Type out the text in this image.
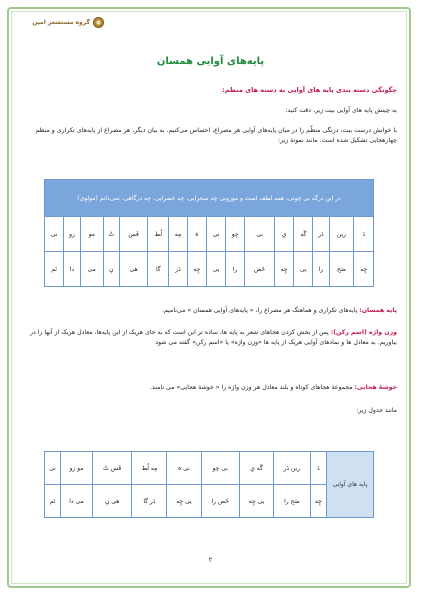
گروه مستشعر امین
پایه‌های آوایی همسان
چگونگی دسته بندی پایه های آوایی به دسته های منظم:
به چینش پایه های آوایی بیت زیر، دقت کنید:
با خوانش درست بیت، درنگی منظّم را در میان پایه‌های آوایی هر مصراع، احساس می‌کنیم. به بیان دیگر، هر مصراع از پایه‌های تکراری و منظم چهارهجایی تشکیل شده است. مانند نمونۀ زیر:
در این درگه بی چونی، همه لطف است و موزونی چه صحرایی، چه خضرایی، چه درگاهی، نمی‌دانم (مولوی)															
دَ	رین	دَر	گَه	یِ	بی	چو	نی	هَ	مِه	لُط	فَس	تُ	مو	زو	نی
چِه	صَح	را	یی	چِه	خَض	را	یی	چِه	دَر	گا	هی	نِ	می	دا	نَم
پایه همسان: پایه‌های تکراری و هماهنگ هر مصراع را، « پایه‌های آوایی همسان » می‌نامیم.
وزن واژه (اسم رکن): پس از بخش کردن هجاهای شعر به پایه ها، ساده تر این است که به جای هریک از این پایه‌ها، معادل هریک از آنها را در بیاوریم. به معادل ها و نمادهای آوایی هریک از پایه ها «وزن واژه» یا «اسم رکن» گفته می شود
خوشۀ هجایی: مجموعۀ هجاهای کوتاه و بلند معادل هر وزن واژه را « خوشۀ هجایی» می نامند.
مانند جدول زیر:
پایه های آوایی	دَ	رین دَر	گَه یِ	بی چو	نی هَ	مِه لُط	فَس تُ	مو زو	نی
	چِه	صَح را	یی چِه	خَض را	یی چِه	دَر گا	هی نِ	می دا	نَم
۲
